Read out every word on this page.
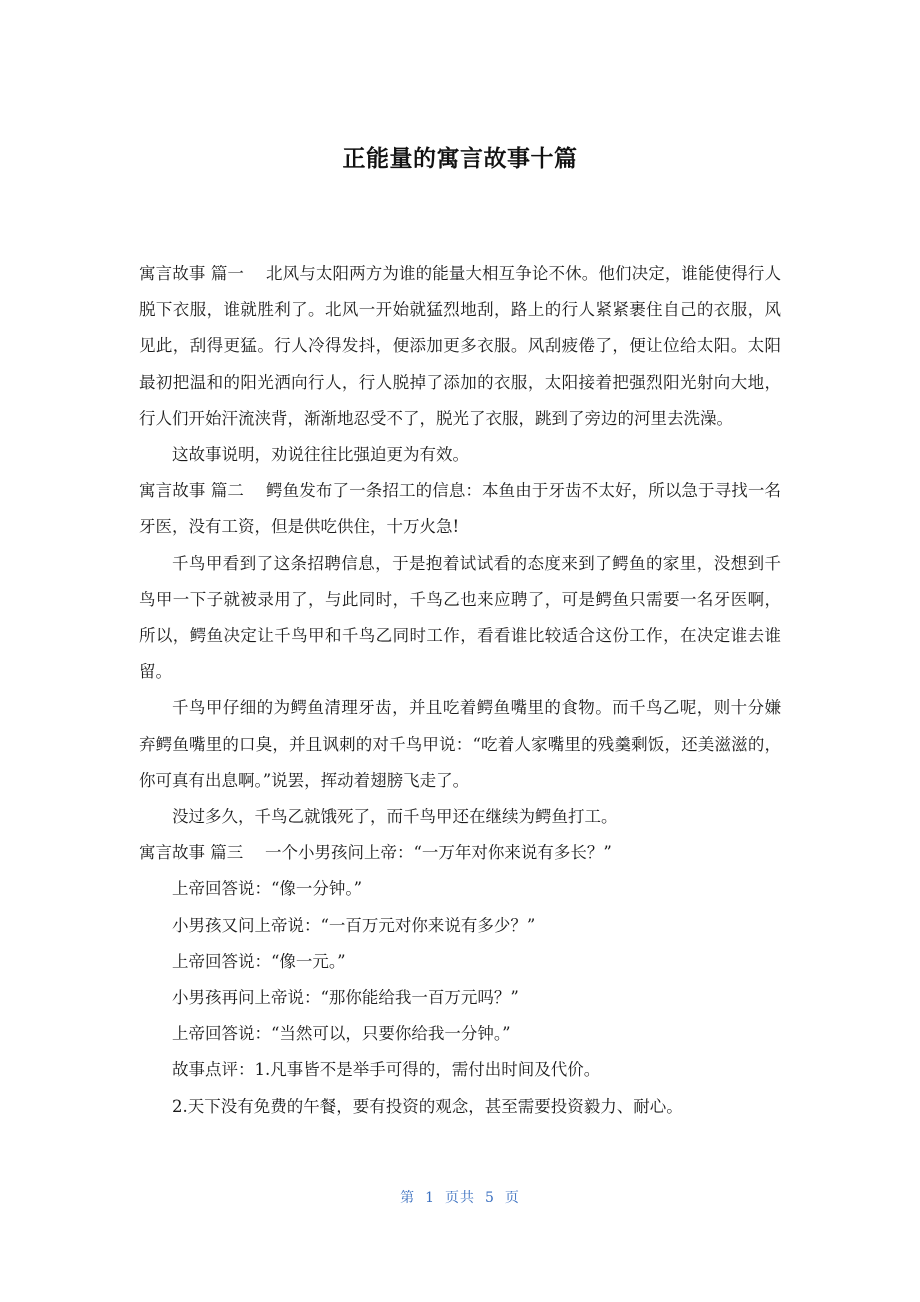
正能量的寓言故事十篇

寓言故事 篇一　 北风与太阳两方为谁的能量大相互争论不休。他们决定，谁能使得行人脱下衣服，谁就胜利了。北风一开始就猛烈地刮，路上的行人紧紧裹住自己的衣服，风见此，刮得更猛。行人冷得发抖，便添加更多衣服。风刮疲倦了，便让位给太阳。太阳最初把温和的阳光洒向行人，行人脱掉了添加的衣服，太阳接着把强烈阳光射向大地，行人们开始汗流浃背，渐渐地忍受不了，脱光了衣服，跳到了旁边的河里去洗澡。

这故事说明，劝说往往比强迫更为有效。

寓言故事 篇二　 鳄鱼发布了一条招工的信息：本鱼由于牙齿不太好，所以急于寻找一名牙医，没有工资，但是供吃供住，十万火急!

千鸟甲看到了这条招聘信息，于是抱着试试看的态度来到了鳄鱼的家里，没想到千鸟甲一下子就被录用了，与此同时，千鸟乙也来应聘了，可是鳄鱼只需要一名牙医啊，所以，鳄鱼决定让千鸟甲和千鸟乙同时工作，看看谁比较适合这份工作，在决定谁去谁留。

千鸟甲仔细的为鳄鱼清理牙齿，并且吃着鳄鱼嘴里的食物。而千鸟乙呢，则十分嫌弃鳄鱼嘴里的口臭，并且讽刺的对千鸟甲说：“吃着人家嘴里的残羹剩饭，还美滋滋的，你可真有出息啊。”说罢，挥动着翅膀飞走了。

没过多久，千鸟乙就饿死了，而千鸟甲还在继续为鳄鱼打工。

寓言故事 篇三　 一个小男孩问上帝：“一万年对你来说有多长？”

上帝回答说：“像一分钟。”

小男孩又问上帝说：“一百万元对你来说有多少？”

上帝回答说：“像一元。”

小男孩再问上帝说：“那你能给我一百万元吗？”

上帝回答说：“当然可以，只要你给我一分钟。”

故事点评：1.凡事皆不是举手可得的，需付出时间及代价。

2.天下没有免费的午餐，要有投资的观念，甚至需要投资毅力、耐心。

第 1 页共 5 页
